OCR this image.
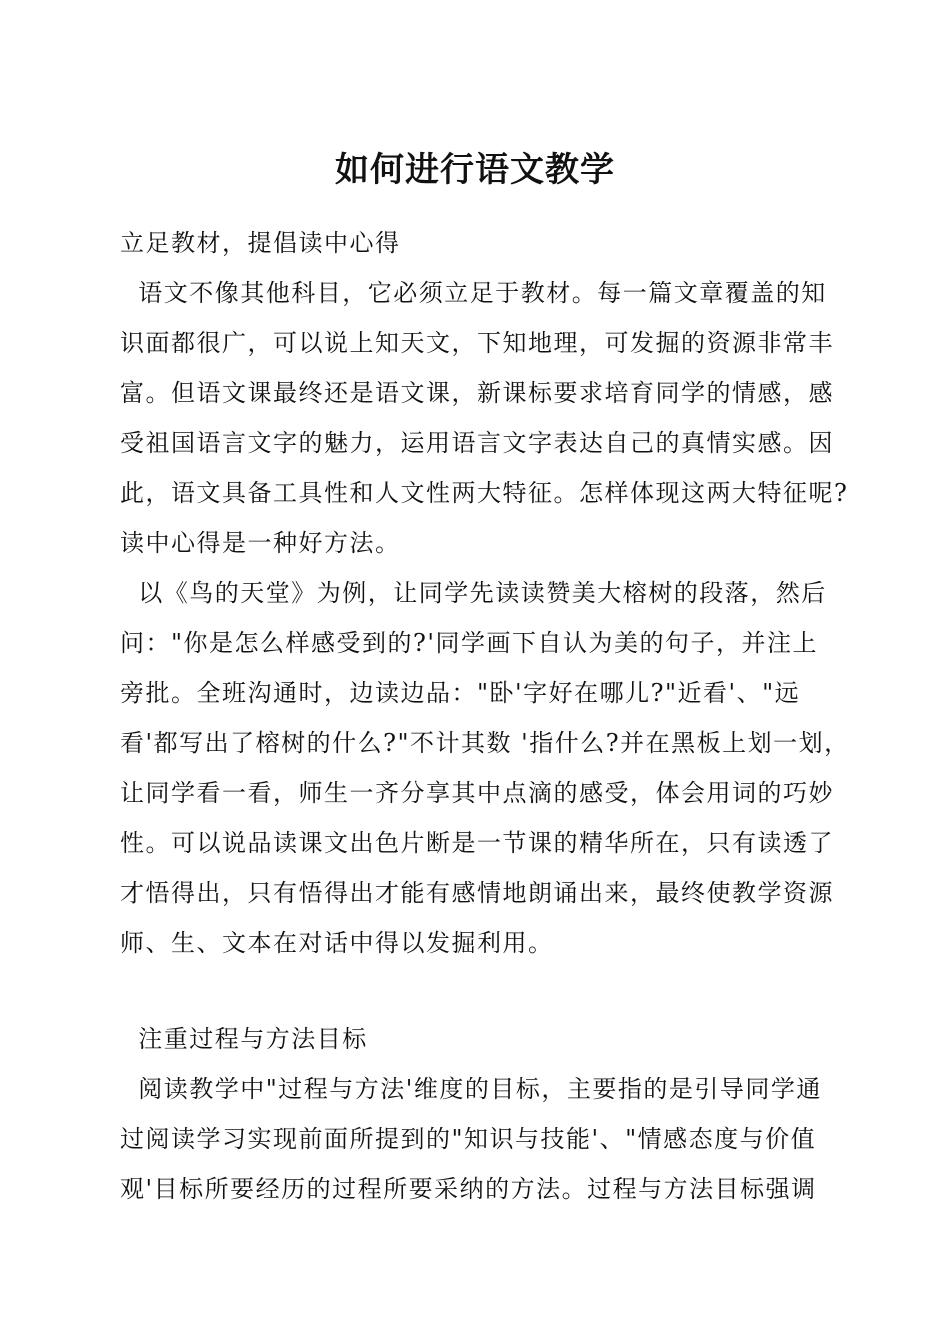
如何进行语文教学
立足教材，提倡读中心得
语文不像其他科目，它必须立足于教材。每一篇文章覆盖的知
识面都很广，可以说上知天文，下知地理，可发掘的资源非常丰
富。但语文课最终还是语文课，新课标要求培育同学的情感，感
受祖国语言文字的魅力，运用语言文字表达自己的真情实感。因
此，语文具备工具性和人文性两大特征。怎样体现这两大特征呢?
读中心得是一种好方法。
以《鸟的天堂》为例，让同学先读读赞美大榕树的段落，然后
问："你是怎么样感受到的?'同学画下自认为美的句子，并注上
旁批。全班沟通时，边读边品："卧'字好在哪儿?"近看'、"远
看'都写出了榕树的什么?"不计其数 '指什么?并在黑板上划一划，
让同学看一看，师生一齐分享其中点滴的感受，体会用词的巧妙
性。可以说品读课文出色片断是一节课的精华所在，只有读透了
才悟得出，只有悟得出才能有感情地朗诵出来，最终使教学资源
师、生、文本在对话中得以发掘利用。
注重过程与方法目标
阅读教学中"过程与方法'维度的目标，主要指的是引导同学通
过阅读学习实现前面所提到的"知识与技能'、"情感态度与价值
观'目标所要经历的过程所要采纳的方法。过程与方法目标强调
